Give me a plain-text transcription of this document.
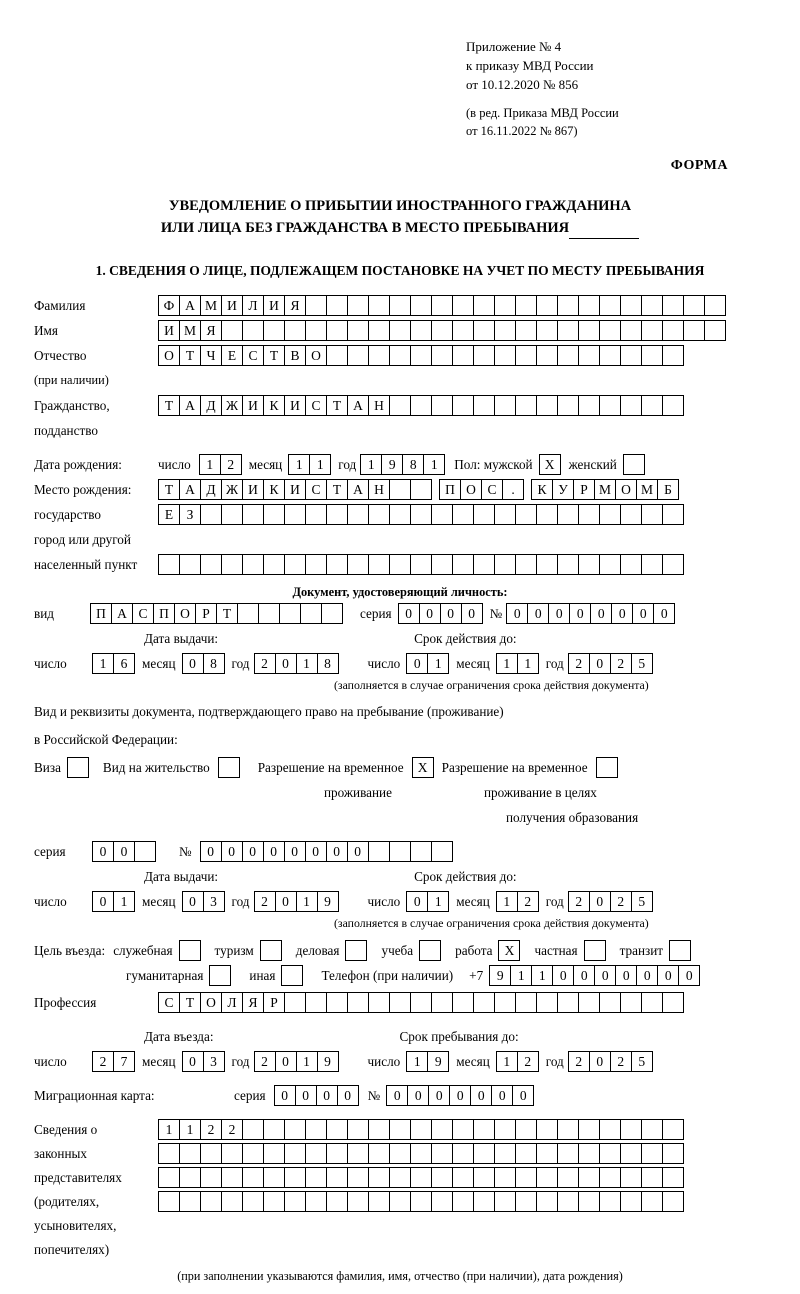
Приложение № 4
к приказу МВД России
от 10.12.2020 № 856
(в ред. Приказа МВД России
от 16.11.2022 № 867)
ФОРМА
УВЕДОМЛЕНИЕ О ПРИБЫТИИ ИНОСТРАННОГО ГРАЖДАНИНА
ИЛИ ЛИЦА БЕЗ ГРАЖДАНСТВА В МЕСТО ПРЕБЫВАНИЯ
1. СВЕДЕНИЯ О ЛИЦЕ, ПОДЛЕЖАЩЕМ ПОСТАНОВКЕ НА УЧЕТ ПО МЕСТУ ПРЕБЫВАНИЯ
Фамилия	Ф А М И Л И Я
Имя	И М Я
Отчество	О Т Ч Е С Т В О
(при наличии)
Гражданство,	Т А Д Ж И К И С Т А Н
подданство
Дата рождения:	число	1	2	месяц	1	1	год 1	9	8	1	Пол: мужской X	женский
Место рождения:	Т А Д Ж И К И С Т А Н	П О С	.	К У Р М О М Б
государство	Е З
город или другой
населенный пункт
Документ, удостоверяющий личность:
вид	П А С П О Р Т	серия	0	0	0	0	№ 0	0	0	0	0	0	0	0
Дата выдачи:	Срок действия до:
число	1	6	месяц	0	8	год 2	0	1	8	число	0	1	месяц	1	1	год 2	0	2	5
(заполняется в случае ограничения срока действия документа)
Вид и реквизиты документа, подтверждающего право на пребывание (проживание)
в Российской Федерации:
Виза	Вид на жительство	Разрешение на временное	X	Разрешение на временное
проживание	проживание в целях
получения образования
серия	0	0	№	0	0	0	0	0	0	0	0
Дата выдачи:	Срок действия до:
число	0	1	месяц	0	3	год 2	0	1	9	число	0	1	месяц	1	2	год 2	0	2	5
(заполняется в случае ограничения срока действия документа)
Цель въезда: служебная	туризм	деловая	учеба	работа X	частная	транзит
гуманитарная	иная	Телефон (при наличии) +7	9	1	1	0	0	0	0	0	0	0
Профессия	С Т О Л Я Р
Дата въезда:	Срок пребывания до:
число	2	7	месяц	0	3	год 2	0	1	9	число	1	9	месяц	1	2	год 2	0	2	5
Миграционная карта:	серия	0	0	0	0	№	0	0	0	0	0	0	0
Сведения о	1	1	2	2
законных
представителях
(родителях,
усыновителях,
попечителях)
(при заполнении указываются фамилия, имя, отчество (при наличии), дата рождения)
